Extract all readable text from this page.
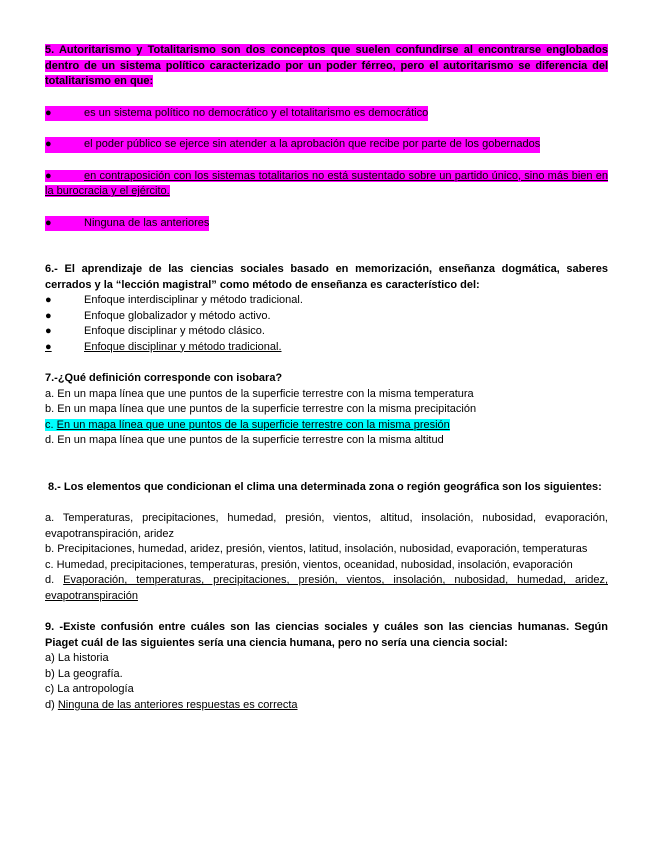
5. Autoritarismo y Totalitarismo son dos conceptos que suelen confundirse al encontrarse englobados dentro de un sistema político caracterizado por un poder férreo, pero el autoritarismo se diferencia del totalitarismo en que:

●	es un sistema político no democrático y el totalitarismo es democrático

●	el poder público se ejerce sin atender a la aprobación que recibe por parte de los gobernados

●	en contraposición con los sistemas totalitarios no está sustentado sobre un partido único, sino más bien en la burocracia y el ejército.

●	Ninguna de las anteriores

6.- El aprendizaje de las ciencias sociales basado en memorización, enseñanza dogmática, saberes cerrados y la “lección magistral” como método de enseñanza es característico del:

●	Enfoque interdisciplinar y método tradicional.

●	Enfoque globalizador y método activo.

●	Enfoque disciplinar y método clásico.

●	Enfoque disciplinar y método tradicional.

7.-¿Qué definición corresponde con isobara?

a. En un mapa línea que une puntos de la superficie terrestre con la misma temperatura

b. En un mapa línea que une puntos de la superficie terrestre con la misma precipitación

c. En un mapa línea que une puntos de la superficie terrestre con la misma presión

d. En un mapa línea que une puntos de la superficie terrestre con la misma altitud

8.- Los elementos que condicionan el clima una determinada zona o región geográfica son los siguientes:

a. Temperaturas, precipitaciones, humedad, presión, vientos, altitud, insolación, nubosidad, evaporación, evapotranspiración, aridez

b. Precipitaciones, humedad, aridez, presión, vientos, latitud, insolación, nubosidad, evaporación, temperaturas

c. Humedad, precipitaciones, temperaturas, presión, vientos, oceanidad, nubosidad, insolación, evaporación

d. Evaporación, temperaturas, precipitaciones, presión, vientos, insolación, nubosidad, humedad, aridez, evapotranspiración

9. -Existe confusión entre cuáles son las ciencias sociales y cuáles son las ciencias humanas. Según Piaget cuál de las siguientes sería una ciencia humana, pero no sería una ciencia social:

a) La historia

b) La geografía.

c) La antropología

d) Ninguna de las anteriores respuestas es correcta
